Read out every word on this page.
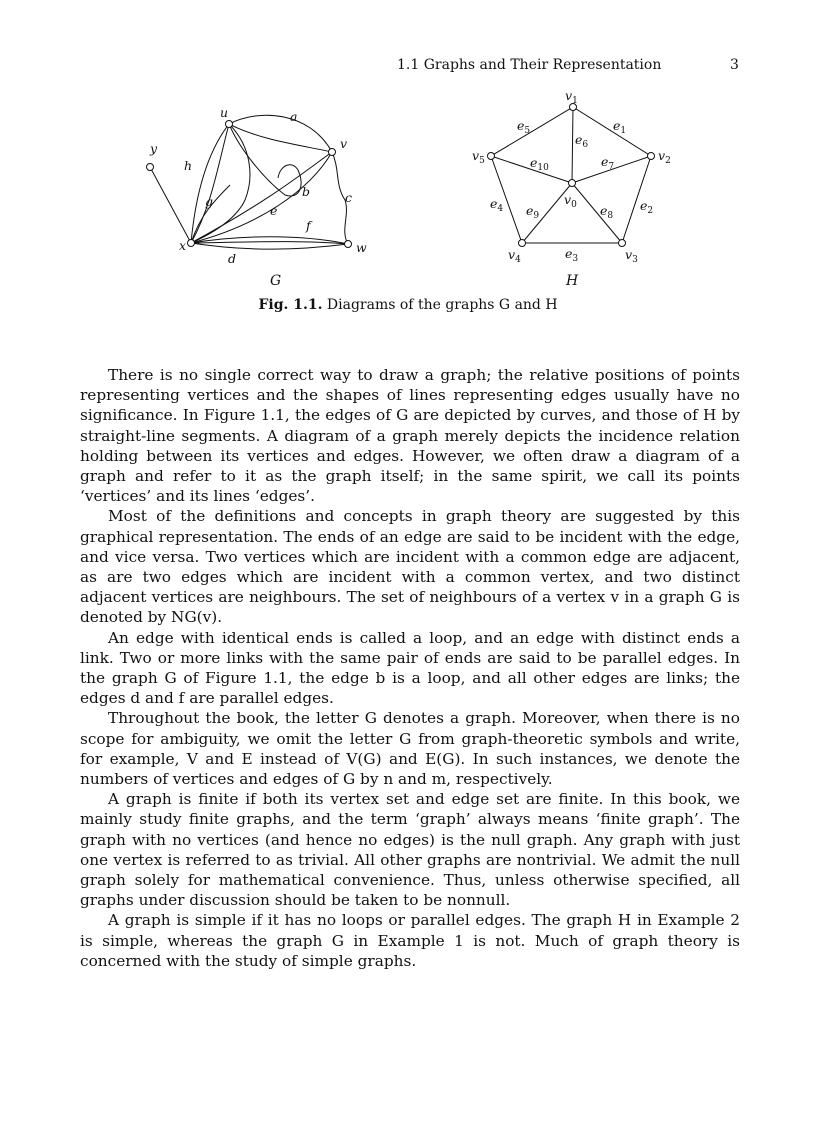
1.1 Graphs and Their Representation	3
u
v
w
x
y
a
b	c
d
e
f
g
h
G
$v_0$
$v_1$
$v_2$
$v_3$
$v_4$
$v_5$
$e_1$
$e_2$
$e_3$
$e_4$
$e_5$
$e_6$
$e_7$
$e_8$
$e_9$
$e_{10}$
H
Fig. 1.1. Diagrams of the graphs G and H

There is no single correct way to draw a graph; the relative positions of points representing vertices and the shapes of lines representing edges usually have no significance. In Figure 1.1, the edges of G are depicted by curves, and those of H by straight-line segments. A diagram of a graph merely depicts the incidence relation holding between its vertices and edges. However, we often draw a diagram of a graph and refer to it as the graph itself; in the same spirit, we call its points ‘vertices’ and its lines ‘edges’.

Most of the definitions and concepts in graph theory are suggested by this graphical representation. The ends of an edge are said to be incident with the edge, and vice versa. Two vertices which are incident with a common edge are adjacent, as are two edges which are incident with a common vertex, and two distinct adjacent vertices are neighbours. The set of neighbours of a vertex v in a graph G is denoted by NG(v).

An edge with identical ends is called a loop, and an edge with distinct ends a link. Two or more links with the same pair of ends are said to be parallel edges. In the graph G of Figure 1.1, the edge b is a loop, and all other edges are links; the edges d and f are parallel edges.

Throughout the book, the letter G denotes a graph. Moreover, when there is no scope for ambiguity, we omit the letter G from graph-theoretic symbols and write, for example, V and E instead of V(G) and E(G). In such instances, we denote the numbers of vertices and edges of G by n and m, respectively.

A graph is finite if both its vertex set and edge set are finite. In this book, we mainly study finite graphs, and the term ‘graph’ always means ‘finite graph’. The graph with no vertices (and hence no edges) is the null graph. Any graph with just one vertex is referred to as trivial. All other graphs are nontrivial. We admit the null graph solely for mathematical convenience. Thus, unless otherwise specified, all graphs under discussion should be taken to be nonnull.

A graph is simple if it has no loops or parallel edges. The graph H in Example 2 is simple, whereas the graph G in Example 1 is not. Much of graph theory is concerned with the study of simple graphs.
